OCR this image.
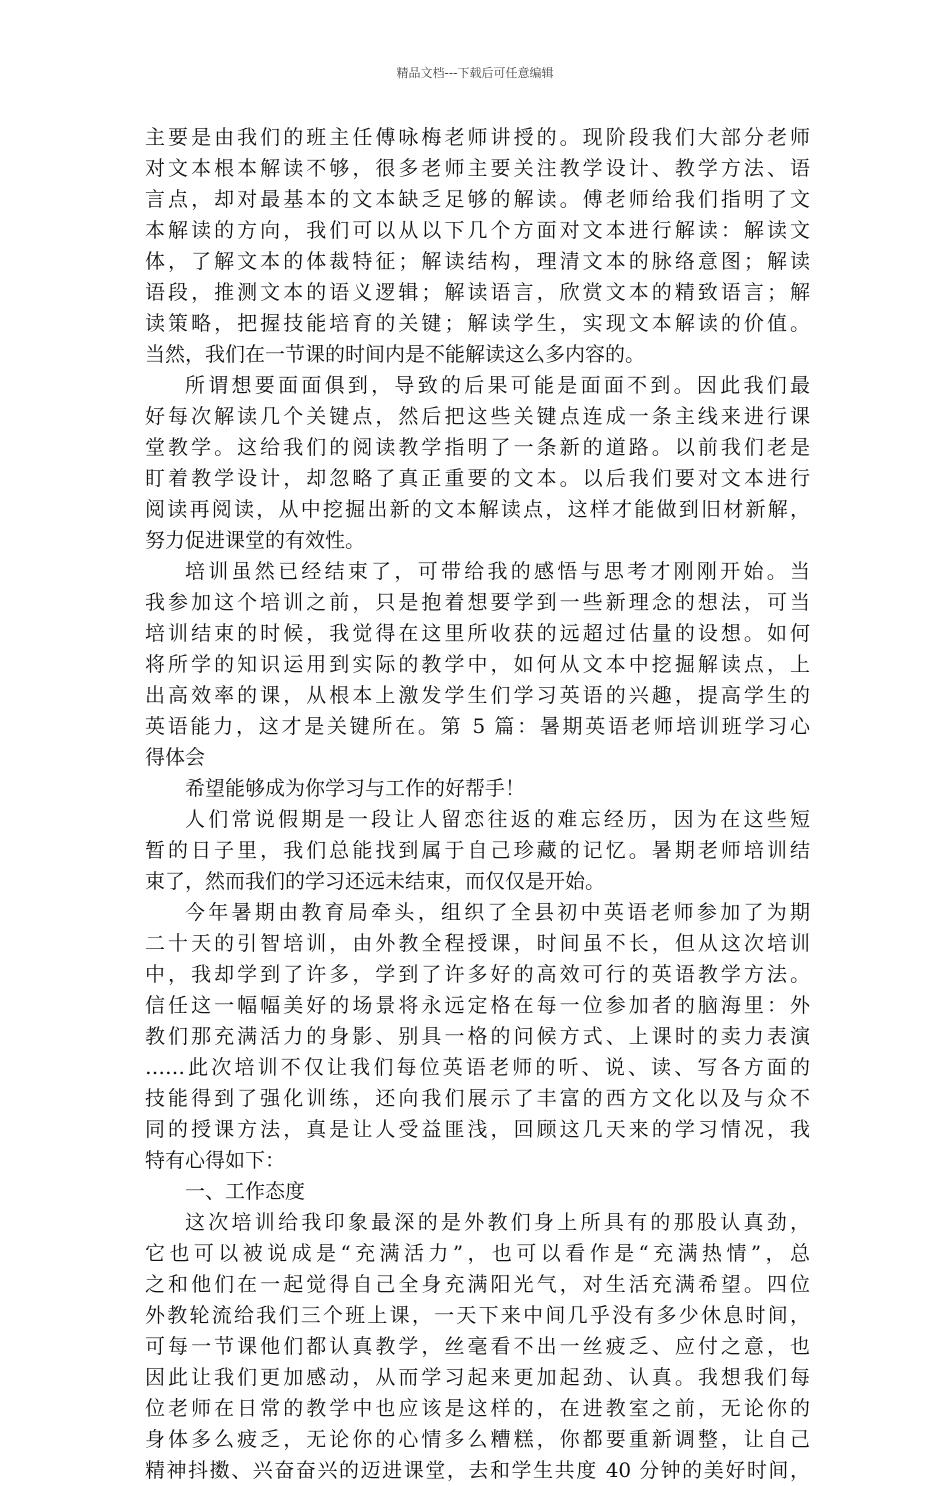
精品文档---下载后可任意编辑
主要是由我们的班主任傅咏梅老师讲授的。现阶段我们大部分老师
对文本根本解读不够，很多老师主要关注教学设计、教学方法、语
言点，却对最基本的文本缺乏足够的解读。傅老师给我们指明了文
本解读的方向，我们可以从以下几个方面对文本进行解读：解读文
体，了解文本的体裁特征；解读结构，理清文本的脉络意图；解读
语段，推测文本的语义逻辑；解读语言，欣赏文本的精致语言；解
读策略，把握技能培育的关键；解读学生，实现文本解读的价值。
当然，我们在一节课的时间内是不能解读这么多内容的。
所谓想要面面俱到，导致的后果可能是面面不到。因此我们最
好每次解读几个关键点，然后把这些关键点连成一条主线来进行课
堂教学。这给我们的阅读教学指明了一条新的道路。以前我们老是
盯着教学设计，却忽略了真正重要的文本。以后我们要对文本进行
阅读再阅读，从中挖掘出新的文本解读点，这样才能做到旧材新解，
努力促进课堂的有效性。
培训虽然已经结束了，可带给我的感悟与思考才刚刚开始。当
我参加这个培训之前，只是抱着想要学到一些新理念的想法，可当
培训结束的时候，我觉得在这里所收获的远超过估量的设想。如何
将所学的知识运用到实际的教学中，如何从文本中挖掘解读点，上
出高效率的课，从根本上激发学生们学习英语的兴趣，提高学生的
英语能力，这才是关键所在。第 5 篇：暑期英语老师培训班学习心
得体会
希望能够成为你学习与工作的好帮手！
人们常说假期是一段让人留恋往返的难忘经历，因为在这些短
暂的日子里，我们总能找到属于自己珍藏的记忆。暑期老师培训结
束了，然而我们的学习还远未结束，而仅仅是开始。
今年暑期由教育局牵头，组织了全县初中英语老师参加了为期
二十天的引智培训，由外教全程授课，时间虽不长，但从这次培训
中，我却学到了许多，学到了许多好的高效可行的英语教学方法。
信任这一幅幅美好的场景将永远定格在每一位参加者的脑海里：外
教们那充满活力的身影、别具一格的问候方式、上课时的卖力表演
……此次培训不仅让我们每位英语老师的听、说、读、写各方面的
技能得到了强化训练，还向我们展示了丰富的西方文化以及与众不
同的授课方法，真是让人受益匪浅，回顾这几天来的学习情况，我
特有心得如下：
一、工作态度
这次培训给我印象最深的是外教们身上所具有的那股认真劲，
它也可以被说成是“充满活力”，也可以看作是“充满热情”，总
之和他们在一起觉得自己全身充满阳光气，对生活充满希望。四位
外教轮流给我们三个班上课，一天下来中间几乎没有多少休息时间，
可每一节课他们都认真教学，丝毫看不出一丝疲乏、应付之意，也
因此让我们更加感动，从而学习起来更加起劲、认真。我想我们每
位老师在日常的教学中也应该是这样的，在进教室之前，无论你的
身体多么疲乏，无论你的心情多么糟糕，你都要重新调整，让自己
精神抖擞、兴奋奋兴的迈进课堂，去和学生共度 40 分钟的美好时间，
